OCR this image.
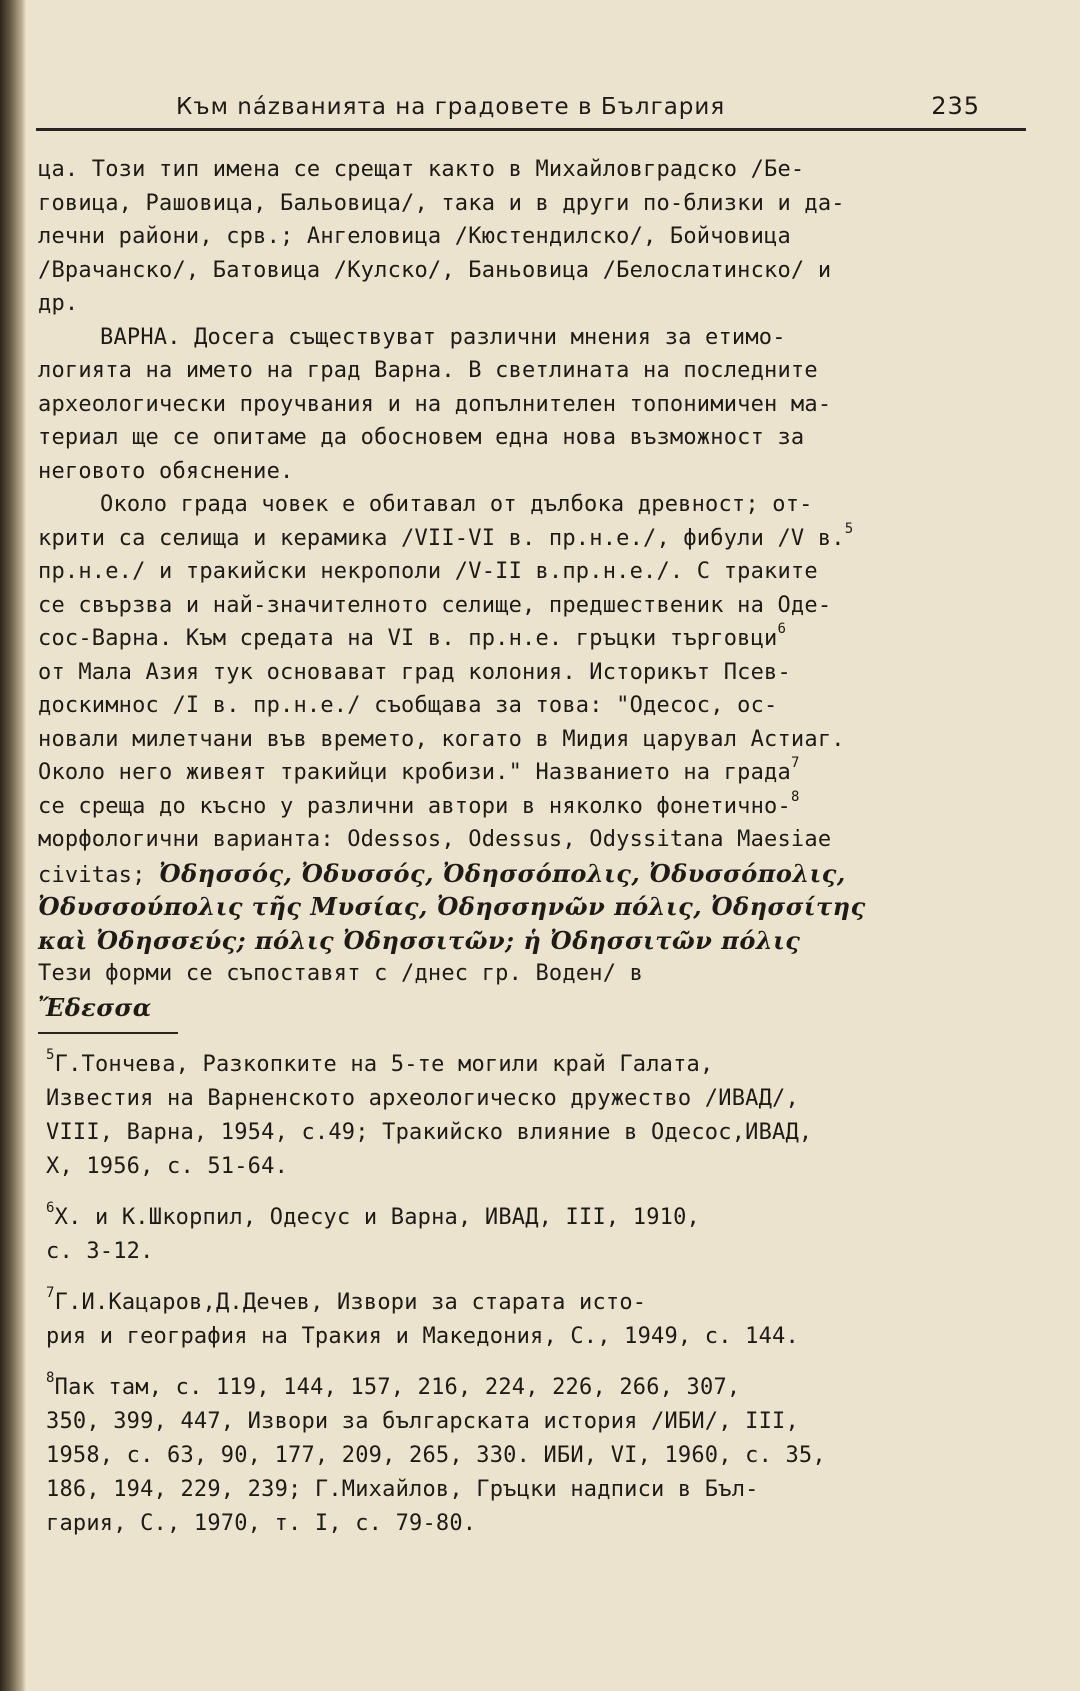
Към názванията на градовете в България	235
ца. Този тип имена се срещат както в Михайловградско /Бе-
говица, Рашовица, Бальовица/, така и в други по-близки и да-
лечни райони, срв.; Ангеловица /Кюстендилско/, Бойчовица
/Врачанско/, Батовица /Кулско/, Баньовица /Белослатинско/ и
др.
ВАРНА. Досега съществуват различни мнения за етимо-
логията на името на град Варна. В светлината на последните
археологически проучвания и на допълнителен топонимичен ма-
териал ще се опитаме да обосновем една нова възможност за
неговото обяснение.
Около града човек е обитавал от дълбока древност; от-
крити са селища и керамика /VII-VI в. пр.н.е./, фибули /V в.$^5$
пр.н.е./ и тракийски некрополи /V-II в.пр.н.е./. С траките
се свързва и най-значителното селище, предшественик на Оде-
сос-Варна. Към средата на VI в. пр.н.е. гръцки търговци$^6$
от Мала Азия тук основават град колония. Историкът Псев-
доскимнос /I в. пр.н.е./ съобщава за това: "Одесос, ос-
новали милетчани във времето, когато в Мидия царувал Астиаг.
Около него живеят тракийци кробизи." Названието на града$^7$
се среща до късно у различни автори в няколко фонетично-$^8$
морфологични варианта: Odessos, Odessus, Odyssitana Maesiae
civitas; Ὀδησσός, Ὀδυσσός, Ὀδησσόπολις, Ὀδυσσόπολις,
Ὀδυσσούπολις τῆς Μυσίας, Ὀδησσηνῶν πόλις, Ὀδησσίτης
καὶ Ὀδησσεύς; πόλις Ὀδησσιτῶν; ἡ Ὀδησσιτῶν πόλις
Тези форми се съпоставят с /днес гр. Воден/ в
Ἔδεσσα
$^5$Г.Тончева, Разкопките на 5-те могили край Галата,
Известия на Варненското археологическо дружество /ИВАД/,
VIII, Варна, 1954, с.49; Тракийско влияние в Одесос,ИВАД,
X, 1956, с. 51-64.
$^6$Х. и К.Шкорпил, Одесус и Варна, ИВАД, III, 1910,
с. 3-12.
$^7$Г.И.Кацаров,Д.Дечев, Извори за старата исто-
рия и география на Тракия и Македония, С., 1949, с. 144.
$^8$Пак там, с. 119, 144, 157, 216, 224, 226, 266, 307,
350, 399, 447, Извори за българската история /ИБИ/, III,
1958, с. 63, 90, 177, 209, 265, 330. ИБИ, VI, 1960, с. 35,
186, 194, 229, 239; Г.Михайлов, Гръцки надписи в Бъл-
гария, С., 1970, т. I, с. 79-80.
